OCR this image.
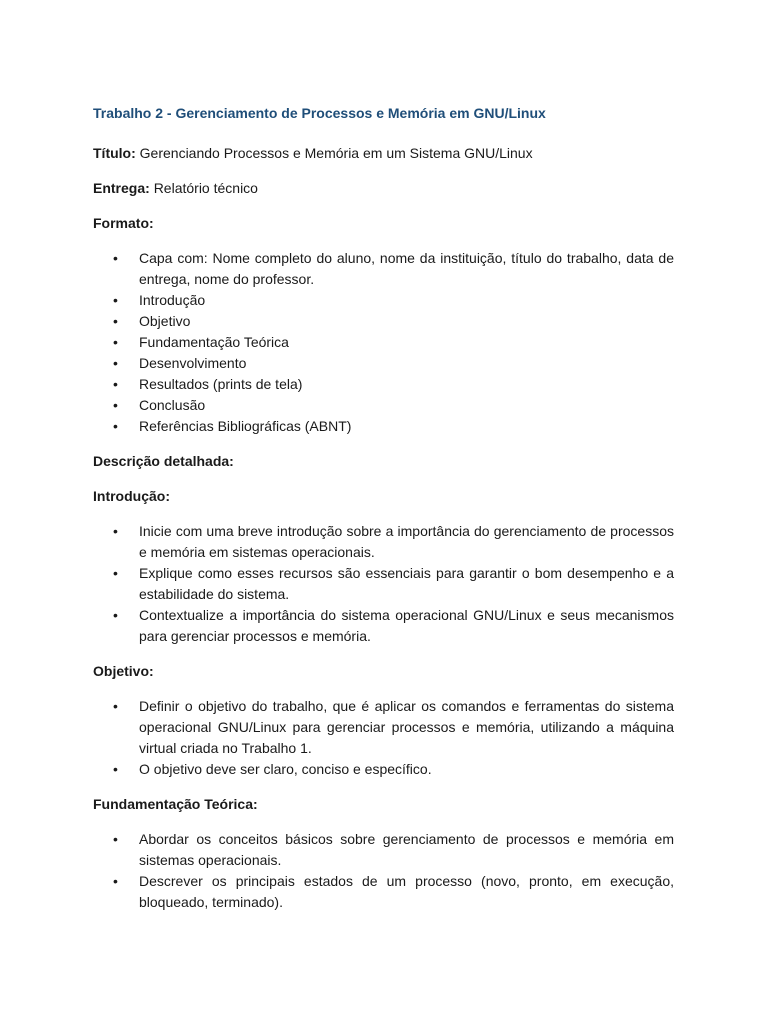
Trabalho 2 - Gerenciamento de Processos e Memória em GNU/Linux
Título: Gerenciando Processos e Memória em um Sistema GNU/Linux
Entrega: Relatório técnico
Formato:
• Capa com: Nome completo do aluno, nome da instituição, título do trabalho, data de entrega, nome do professor.
• Introdução
• Objetivo
• Fundamentação Teórica
• Desenvolvimento
• Resultados (prints de tela)
• Conclusão
• Referências Bibliográficas (ABNT)
Descrição detalhada:
Introdução:
• Inicie com uma breve introdução sobre a importância do gerenciamento de processos e memória em sistemas operacionais.
• Explique como esses recursos são essenciais para garantir o bom desempenho e a estabilidade do sistema.
• Contextualize a importância do sistema operacional GNU/Linux e seus mecanismos para gerenciar processos e memória.
Objetivo:
• Definir o objetivo do trabalho, que é aplicar os comandos e ferramentas do sistema operacional GNU/Linux para gerenciar processos e memória, utilizando a máquina virtual criada no Trabalho 1.
• O objetivo deve ser claro, conciso e específico.
Fundamentação Teórica:
• Abordar os conceitos básicos sobre gerenciamento de processos e memória em sistemas operacionais.
• Descrever os principais estados de um processo (novo, pronto, em execução, bloqueado, terminado).
